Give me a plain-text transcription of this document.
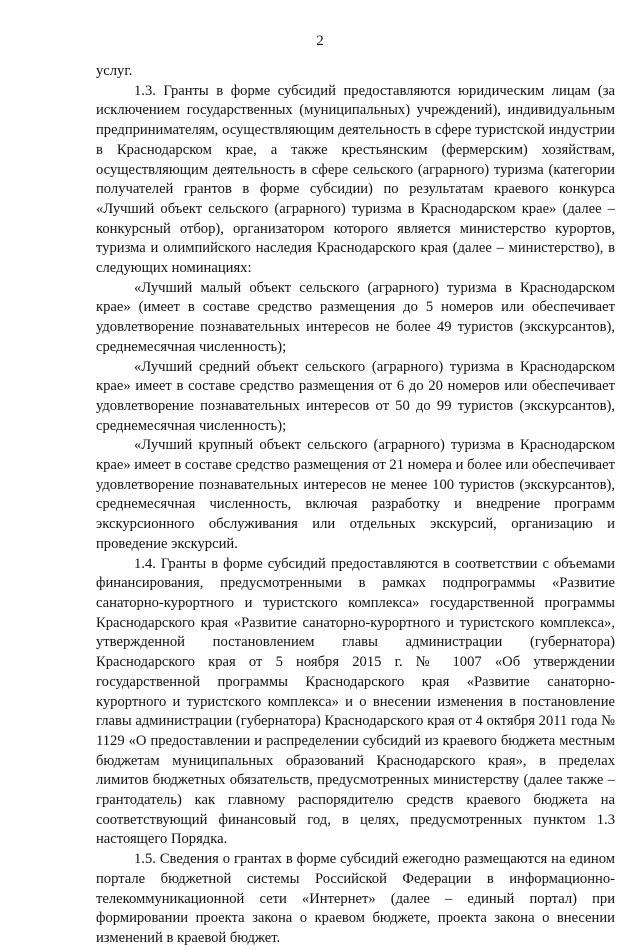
2

услуг.

1.3. Гранты в форме субсидий предоставляются юридическим лицам (за исключением государственных (муниципальных) учреждений), индивидуальным предпринимателям, осуществляющим деятельность в сфере туристской индустрии в Краснодарском крае, а также крестьянским (фермерским) хозяйствам, осуществляющим деятельность в сфере сельского (аграрного) туризма (категории получателей грантов в форме субсидии) по результатам краевого конкурса «Лучший объект сельского (аграрного) туризма в Краснодарском крае» (далее – конкурсный отбор), организатором которого является министерство курортов, туризма и олимпийского наследия Краснодарского края (далее – министерство), в следующих номинациях:

«Лучший малый объект сельского (аграрного) туризма в Краснодарском крае» (имеет в составе средство размещения до 5 номеров или обеспечивает удовлетворение познавательных интересов не более 49 туристов (экскурсантов), среднемесячная численность);

«Лучший средний объект сельского (аграрного) туризма в Краснодарском крае» имеет в составе средство размещения от 6 до 20 номеров или обеспечивает удовлетворение познавательных интересов от 50 до 99 туристов (экскурсантов), среднемесячная численность);

«Лучший крупный объект сельского (аграрного) туризма в Краснодарском крае» имеет в составе средство размещения от 21 номера и более или обеспечивает удовлетворение познавательных интересов не менее 100 туристов (экскурсантов), среднемесячная численность, включая разработку и внедрение программ экскурсионного обслуживания или отдельных экскурсий, организацию и проведение экскурсий.

1.4. Гранты в форме субсидий предоставляются в соответствии с объемами финансирования, предусмотренными в рамках подпрограммы «Развитие санаторно-курортного и туристского комплекса» государственной программы Краснодарского края «Развитие санаторно-курортного и туристского комплекса», утвержденной постановлением главы администрации (губернатора) Краснодарского края от 5 ноября 2015 г. № 1007 «Об утверждении государственной программы Краснодарского края «Развитие санаторно-курортного и туристского комплекса» и о внесении изменения в постановление главы администрации (губернатора) Краснодарского края от 4 октября 2011 года № 1129 «О предоставлении и распределении субсидий из краевого бюджета местным бюджетам муниципальных образований Краснодарского края», в пределах лимитов бюджетных обязательств, предусмотренных министерству (далее также – грантодатель) как главному распорядителю средств краевого бюджета на соответствующий финансовый год, в целях, предусмотренных пунктом 1.3 настоящего Порядка.

1.5. Сведения о грантах в форме субсидий ежегодно размещаются на едином портале бюджетной системы Российской Федерации в информационно-телекоммуникационной сети «Интернет» (далее – единый портал) при формировании проекта закона о краевом бюджете, проекта закона о внесении изменений в краевой бюджет.
